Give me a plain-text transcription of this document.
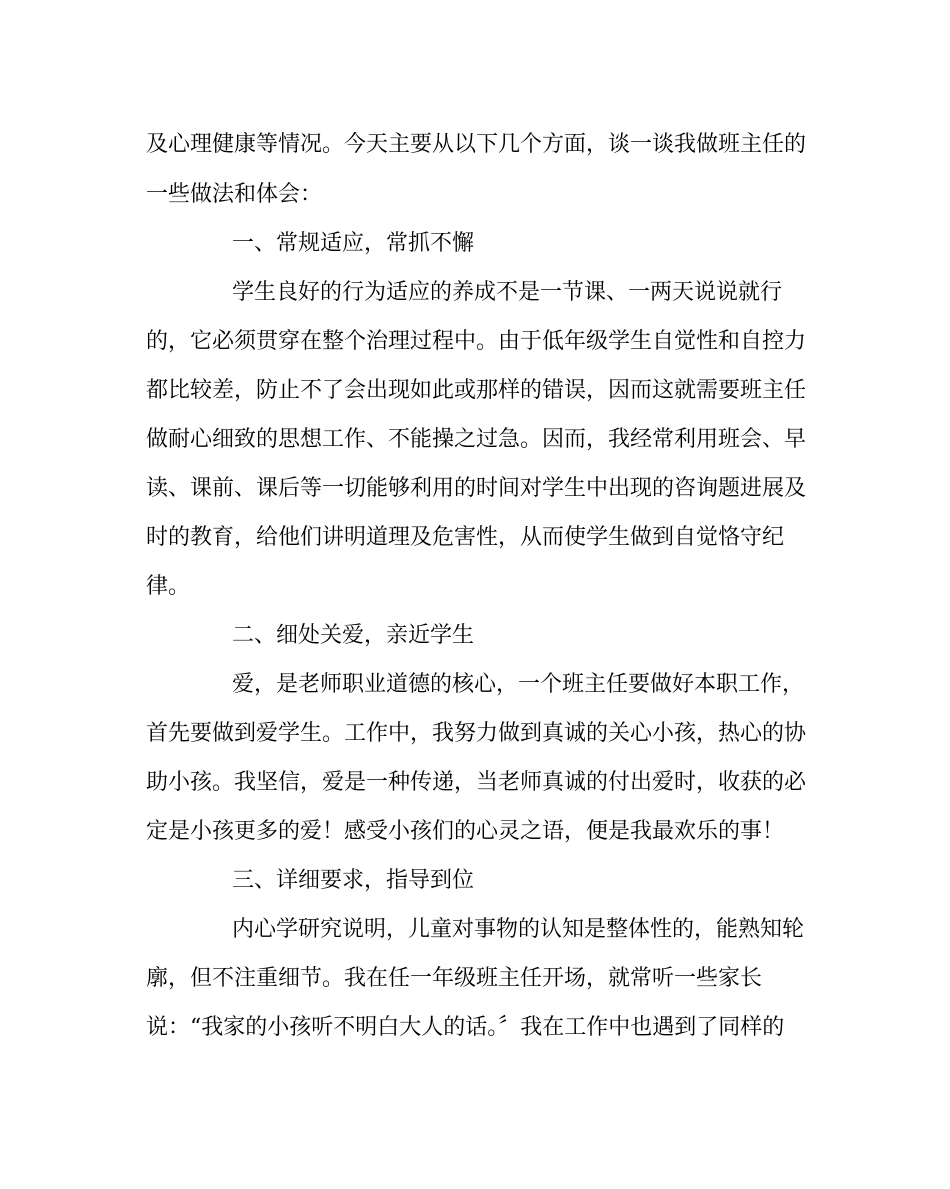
及心理健康等情况。今天主要从以下几个方面，谈一谈我做班主任的
一些做法和体会：
一、常规适应，常抓不懈
学生良好的行为适应的养成不是一节课、一两天说说就行
的，它必须贯穿在整个治理过程中。由于低年级学生自觉性和自控力
都比较差，防止不了会出现如此或那样的错误，因而这就需要班主任
做耐心细致的思想工作、不能操之过急。因而，我经常利用班会、早
读、课前、课后等一切能够利用的时间对学生中出现的咨询题进展及
时的教育，给他们讲明道理及危害性，从而使学生做到自觉恪守纪
律。
二、细处关爱，亲近学生
爱，是老师职业道德的核心，一个班主任要做好本职工作，
首先要做到爱学生。工作中，我努力做到真诚的关心小孩，热心的协
助小孩。我坚信，爱是一种传递，当老师真诚的付出爱时，收获的必
定是小孩更多的爱！感受小孩们的心灵之语，便是我最欢乐的事！
三、详细要求，指导到位
内心学研究说明，儿童对事物的认知是整体性的，能熟知轮
廓，但不注重细节。我在任一年级班主任开场，就常听一些家长
说：“我家的小孩听不明白大人的话。〞我在工作中也遇到了同样的
